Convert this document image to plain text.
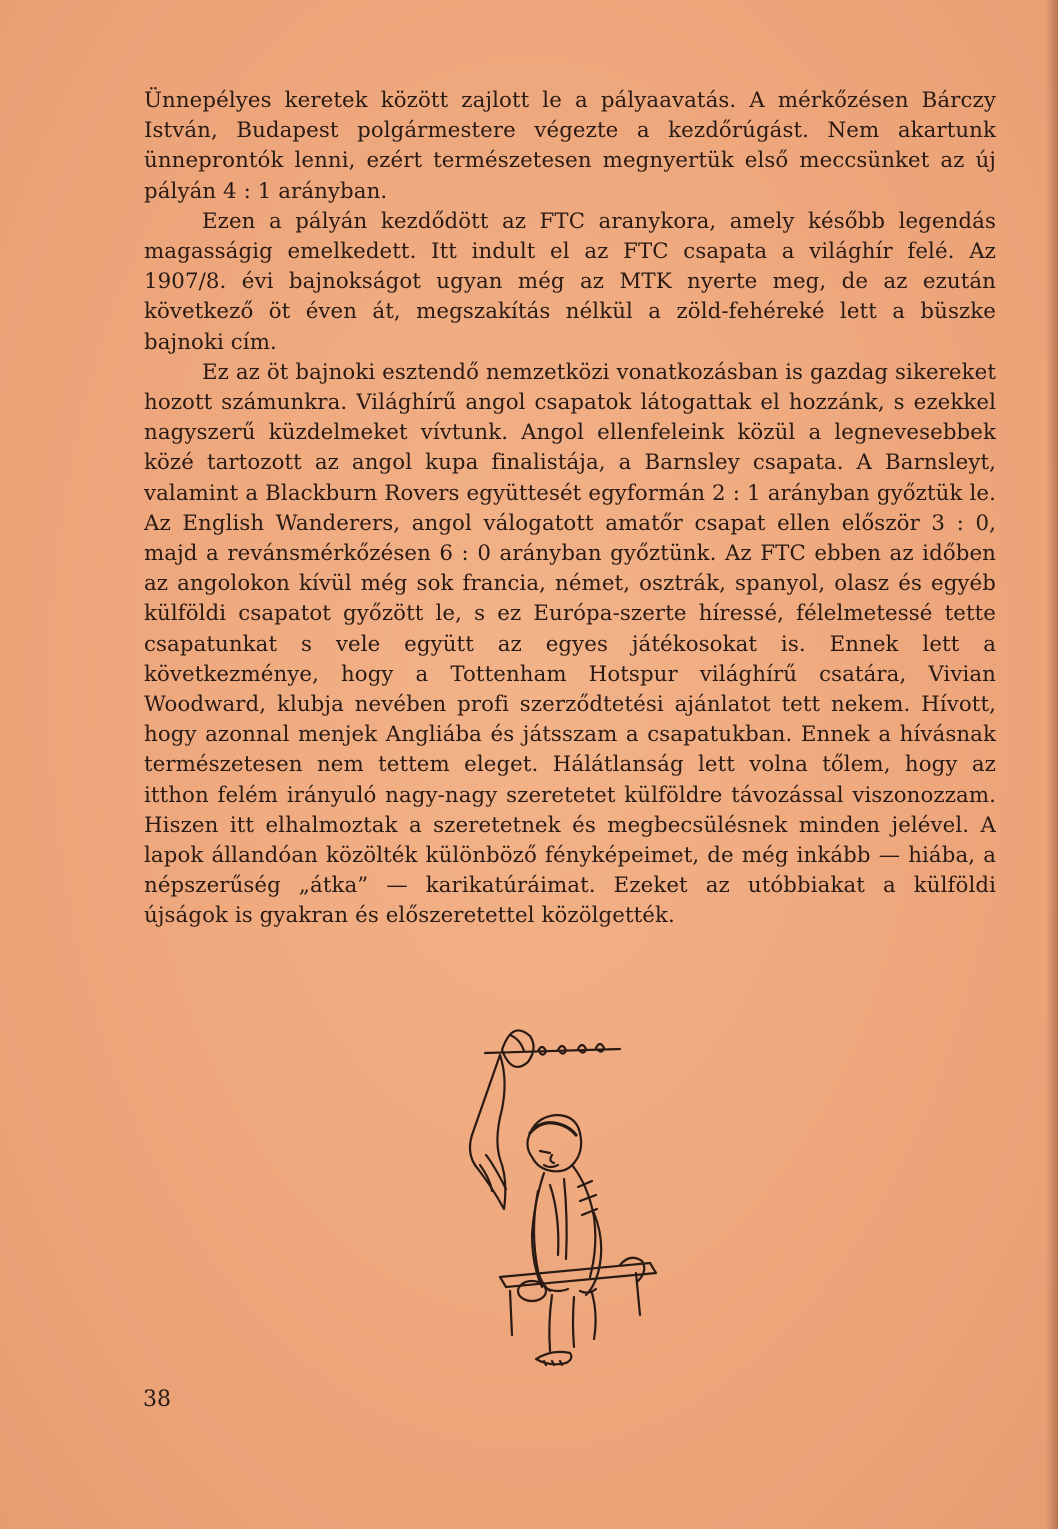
Ünnepélyes keretek között zajlott le a pályaavatás. A mérkőzésen Bárczy István, Budapest polgármestere végezte a kezdőrúgást. Nem akartunk ünneprontók lenni, ezért természetesen megnyertük első meccsünket az új pályán 4 : 1 arányban.

Ezen a pályán kezdődött az FTC aranykora, amely később legendás magasságig emelkedett. Itt indult el az FTC csapata a világhír felé. Az 1907/8. évi bajnokságot ugyan még az MTK nyerte meg, de az ezután következő öt éven át, megszakítás nélkül a zöld-fehéreké lett a büszke bajnoki cím.

Ez az öt bajnoki esztendő nemzetközi vonatkozásban is gazdag sikereket hozott számunkra. Világhírű angol csapatok látogattak el hozzánk, s ezekkel nagyszerű küzdelmeket vívtunk. Angol ellenfeleink közül a legnevesebbek közé tartozott az angol kupa finalistája, a Barnsley csapata. A Barnsleyt, valamint a Blackburn Rovers együttesét egyformán 2 : 1 arányban győztük le. Az English Wanderers, angol válogatott amatőr csapat ellen először 3 : 0, majd a revánsmérkőzésen 6 : 0 arányban győztünk. Az FTC ebben az időben az angolokon kívül még sok francia, német, osztrák, spanyol, olasz és egyéb külföldi csapatot győzött le, s ez Európa-szerte híressé, félelmetessé tette csapatunkat s vele együtt az egyes játékosokat is. Ennek lett a következménye, hogy a Tottenham Hotspur világhírű csatára, Vivian Woodward, klubja nevében profi szerződtetési ajánlatot tett nekem. Hívott, hogy azonnal menjek Angliába és játsszam a csapatukban. Ennek a hívásnak természetesen nem tettem eleget. Hálátlanság lett volna tőlem, hogy az itthon felém irányuló nagy-nagy szeretetet külföldre távozással viszonozzam. Hiszen itt elhalmoztak a szeretetnek és megbecsülésnek minden jelével. A lapok állandóan közölték különböző fényképeimet, de még inkább — hiába, a népszerűség „átka” — karikatúráimat. Ezeket az utóbbiakat a külföldi újságok is gyakran és előszeretettel közölgették.

38
